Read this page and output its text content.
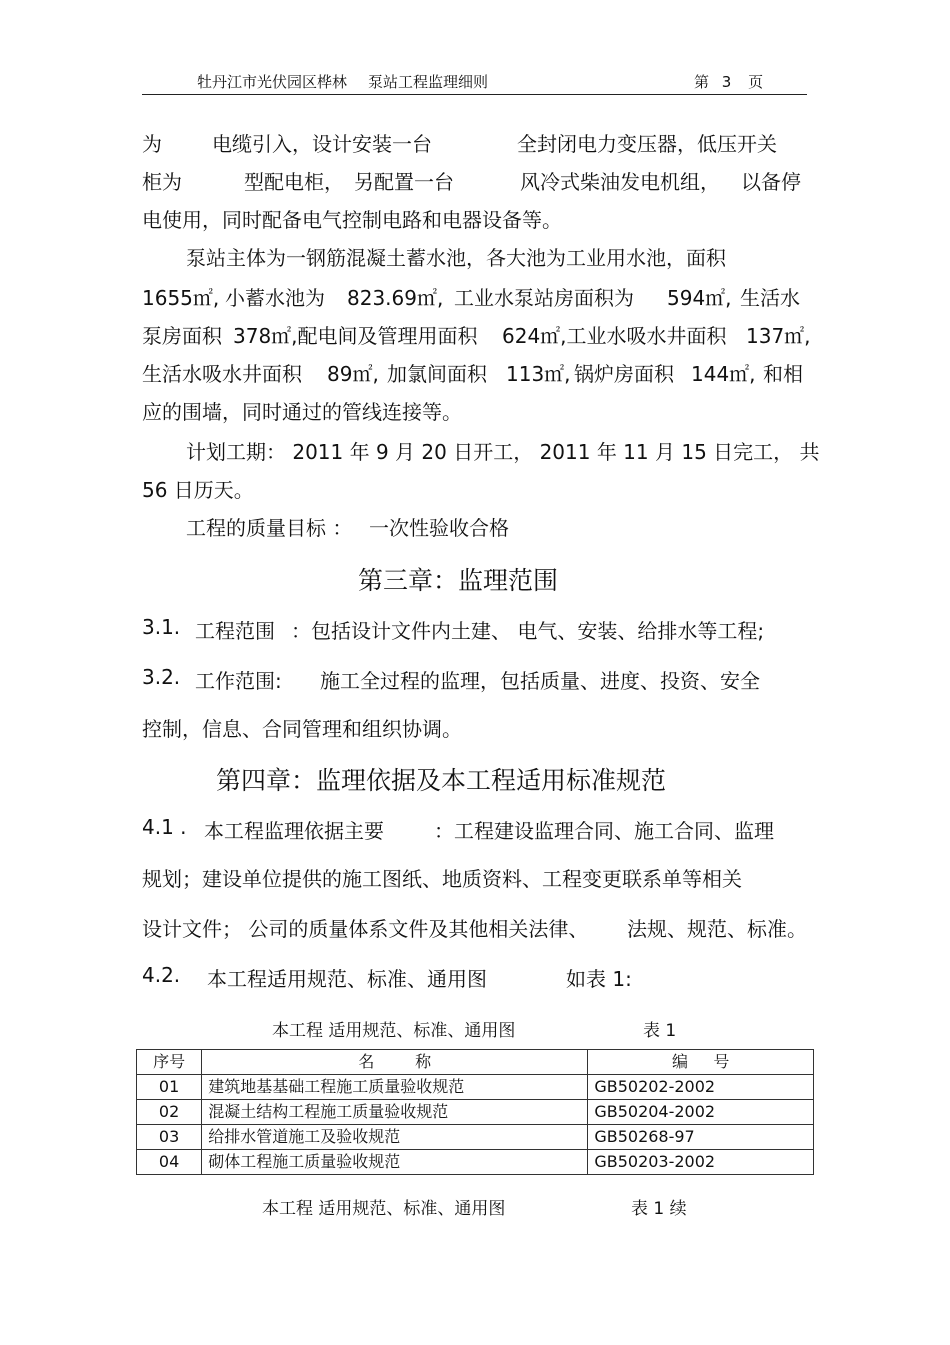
牡丹江市光伏园区桦林 泵站工程监理细则	第 3 页
为	电缆引入，设计安装一台	全封闭电力变压器，低压开关
柜为	型配电柜， 另配置一台	风冷式柴油发电机组， 以备停
电使用，同时配备电气控制电路和电器设备等。
泵站主体为一钢筋混凝土蓄水池，各大池为工业用水池，面积
1655㎡, 小蓄水池为 823.69㎡, 工业水泵站房面积为 594㎡, 生活水
泵房面积 378㎡,配电间及管理用面积 624㎡,工业水吸水井面积 137㎡,
生活水吸水井面积 89㎡, 加氯间面积 113㎡, 锅炉房面积 144㎡, 和相
应的围墙，同时通过的管线连接等。
计划工期： 2011 年 9 月 20 日开工， 2011 年 11 月 15 日完工， 共
56 日历天。
工程的质量目标 ： 一次性验收合格
第三章：监理范围
3.1. 工程范围 ：包括设计文件内土建、 电气、安装、给排水等工程;
3.2. 工作范围: 施工全过程的监理，包括质量、进度、投资、安全
控制，信息、合同管理和组织协调。
第四章：监理依据及本工程适用标准规范
4.1 . 本工程监理依据主要	：工程建设监理合同、施工合同、监理
规划；建设单位提供的施工图纸、地质资料、工程变更联系单等相关
设计文件； 公司的质量体系文件及其他相关法律、 法规、规范、标准。
4.2. 本工程适用规范、标准、通用图	如表 1:
本工程 适用规范、标准、通用图	表 1
序号	名        称	编     号
01	建筑地基基础工程施工质量验收规范	GB50202-2002
02	混凝土结构工程施工质量验收规范	GB50204-2002
03	给排水管道施工及验收规范	GB50268-97
04	砌体工程施工质量验收规范	GB50203-2002
本工程 适用规范、标准、通用图	表 1 续
